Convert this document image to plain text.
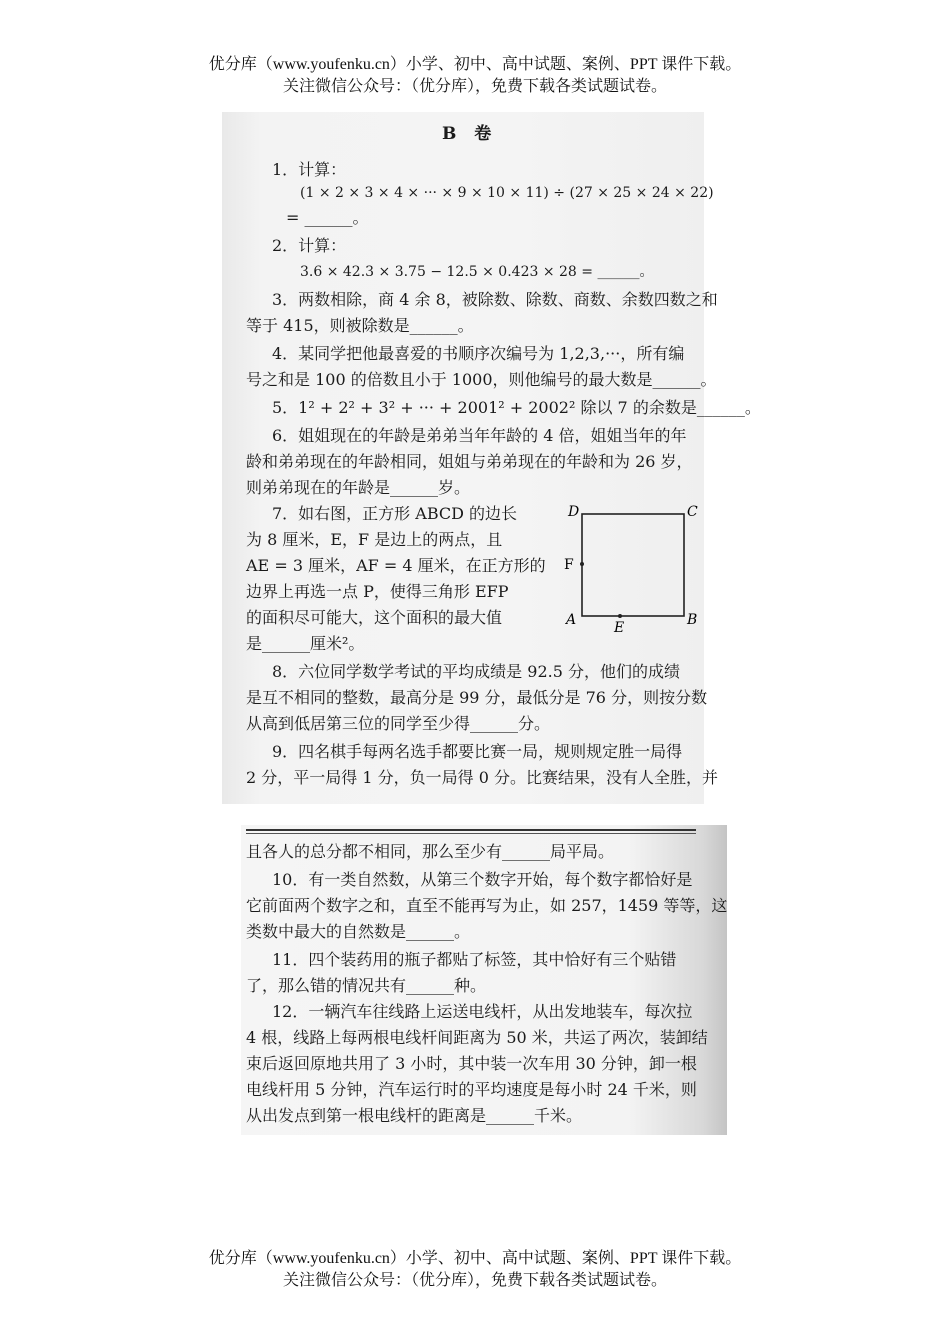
优分库（www.youfenku.cn）小学、初中、高中试题、案例、PPT 课件下载。
关注微信公众号：（优分库），免费下载各类试题试卷。
B 卷
1．计算：
(1 × 2 × 3 × 4 × ··· × 9 × 10 × 11) ÷ (27 × 25 × 24 × 22)
= ______。
2．计算：
3.6 × 42.3 × 3.75 − 12.5 × 0.423 × 28 = ______。
3．两数相除，商 4 余 8，被除数、除数、商数、余数四数之和
等于 415，则被除数是______。
4．某同学把他最喜爱的书顺序次编号为 1,2,3,···，所有编
号之和是 100 的倍数且小于 1000，则他编号的最大数是______。
5．1² + 2² + 3² + ··· + 2001² + 2002² 除以 7 的余数是______。
6．姐姐现在的年龄是弟弟当年年龄的 4 倍，姐姐当年的年
龄和弟弟现在的年龄相同，姐姐与弟弟现在的年龄和为 26 岁，
则弟弟现在的年龄是______岁。
7．如右图，正方形 ABCD 的边长
为 8 厘米，E，F 是边上的两点，且
AE = 3 厘米，AF = 4 厘米，在正方形的
边界上再选一点 P，使得三角形 EFP
的面积尽可能大，这个面积的最大值
是______厘米²。
D	C
A	B
F
E
8．六位同学数学考试的平均成绩是 92.5 分，他们的成绩
是互不相同的整数，最高分是 99 分，最低分是 76 分，则按分数
从高到低居第三位的同学至少得______分。
9．四名棋手每两名选手都要比赛一局，规则规定胜一局得
2 分，平一局得 1 分，负一局得 0 分。比赛结果，没有人全胜，并
且各人的总分都不相同，那么至少有______局平局。
10．有一类自然数，从第三个数字开始，每个数字都恰好是
它前面两个数字之和，直至不能再写为止，如 257，1459 等等，这
类数中最大的自然数是______。
11．四个装药用的瓶子都贴了标签，其中恰好有三个贴错
了，那么错的情况共有______种。
12．一辆汽车往线路上运送电线杆，从出发地装车，每次拉
4 根，线路上每两根电线杆间距离为 50 米，共运了两次，装卸结
束后返回原地共用了 3 小时，其中装一次车用 30 分钟，卸一根
电线杆用 5 分钟，汽车运行时的平均速度是每小时 24 千米，则
从出发点到第一根电线杆的距离是______千米。
优分库（www.youfenku.cn）小学、初中、高中试题、案例、PPT 课件下载。
关注微信公众号：（优分库），免费下载各类试题试卷。
